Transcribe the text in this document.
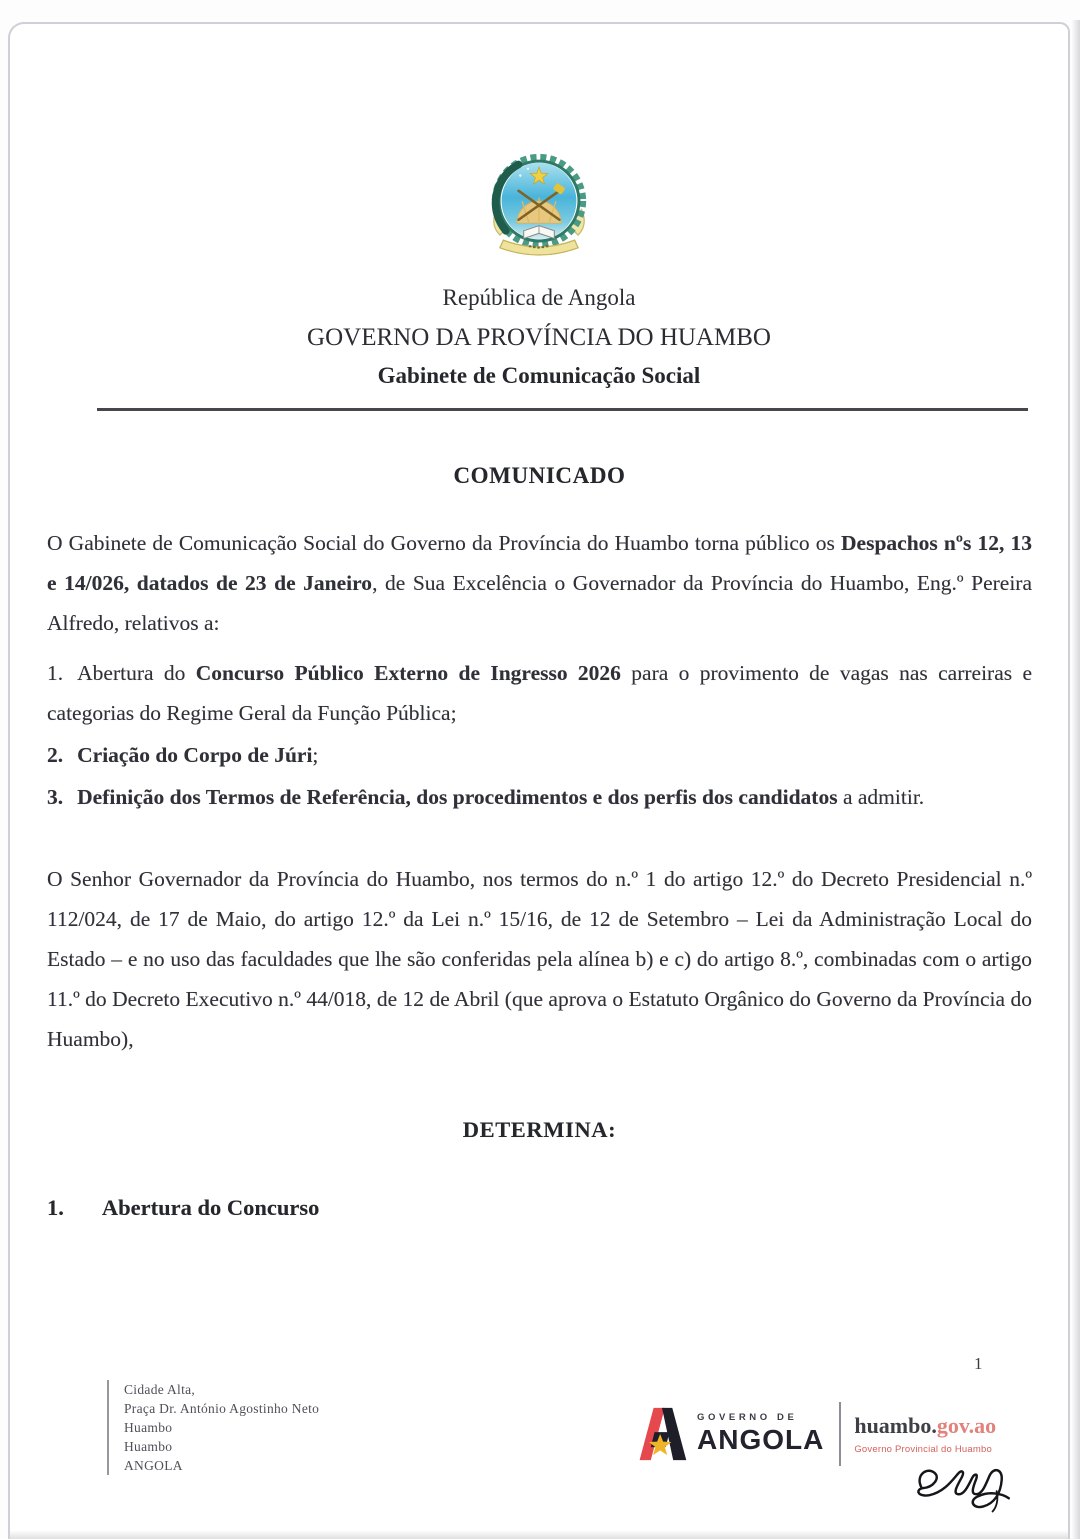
República de Angola
GOVERNO DA PROVÍNCIA DO HUAMBO
Gabinete de Comunicação Social
COMUNICADO

O Gabinete de Comunicação Social do Governo da Província do Huambo torna público os Despachos nºs 12, 13 e 14/026, datados de 23 de Janeiro, de Sua Excelência o Governador da Província do Huambo, Eng.º Pereira Alfredo, relativos a:

1. Abertura do Concurso Público Externo de Ingresso 2026 para o provimento de vagas nas carreiras e categorias do Regime Geral da Função Pública;

2. Criação do Corpo de Júri;

3. Definição dos Termos de Referência, dos procedimentos e dos perfis dos candidatos a admitir.

O Senhor Governador da Província do Huambo, nos termos do n.º 1 do artigo 12.º do Decreto Presidencial n.º 112/024, de 17 de Maio, do artigo 12.º da Lei n.º 15/16, de 12 de Setembro – Lei da Administração Local do Estado – e no uso das faculdades que lhe são conferidas pela alínea b) e c) do artigo 8.º, combinadas com o artigo 11.º do Decreto Executivo n.º 44/018, de 12 de Abril (que aprova o Estatuto Orgânico do Governo da Província do Huambo),

DETERMINA:

1. Abertura do Concurso

Cidade Alta,
Praça Dr. António Agostinho Neto
Huambo
Huambo
ANGOLA
1
GOVERNO DE
ANGOLA huambo.gov.ao
Governo Provincial do Huambo
